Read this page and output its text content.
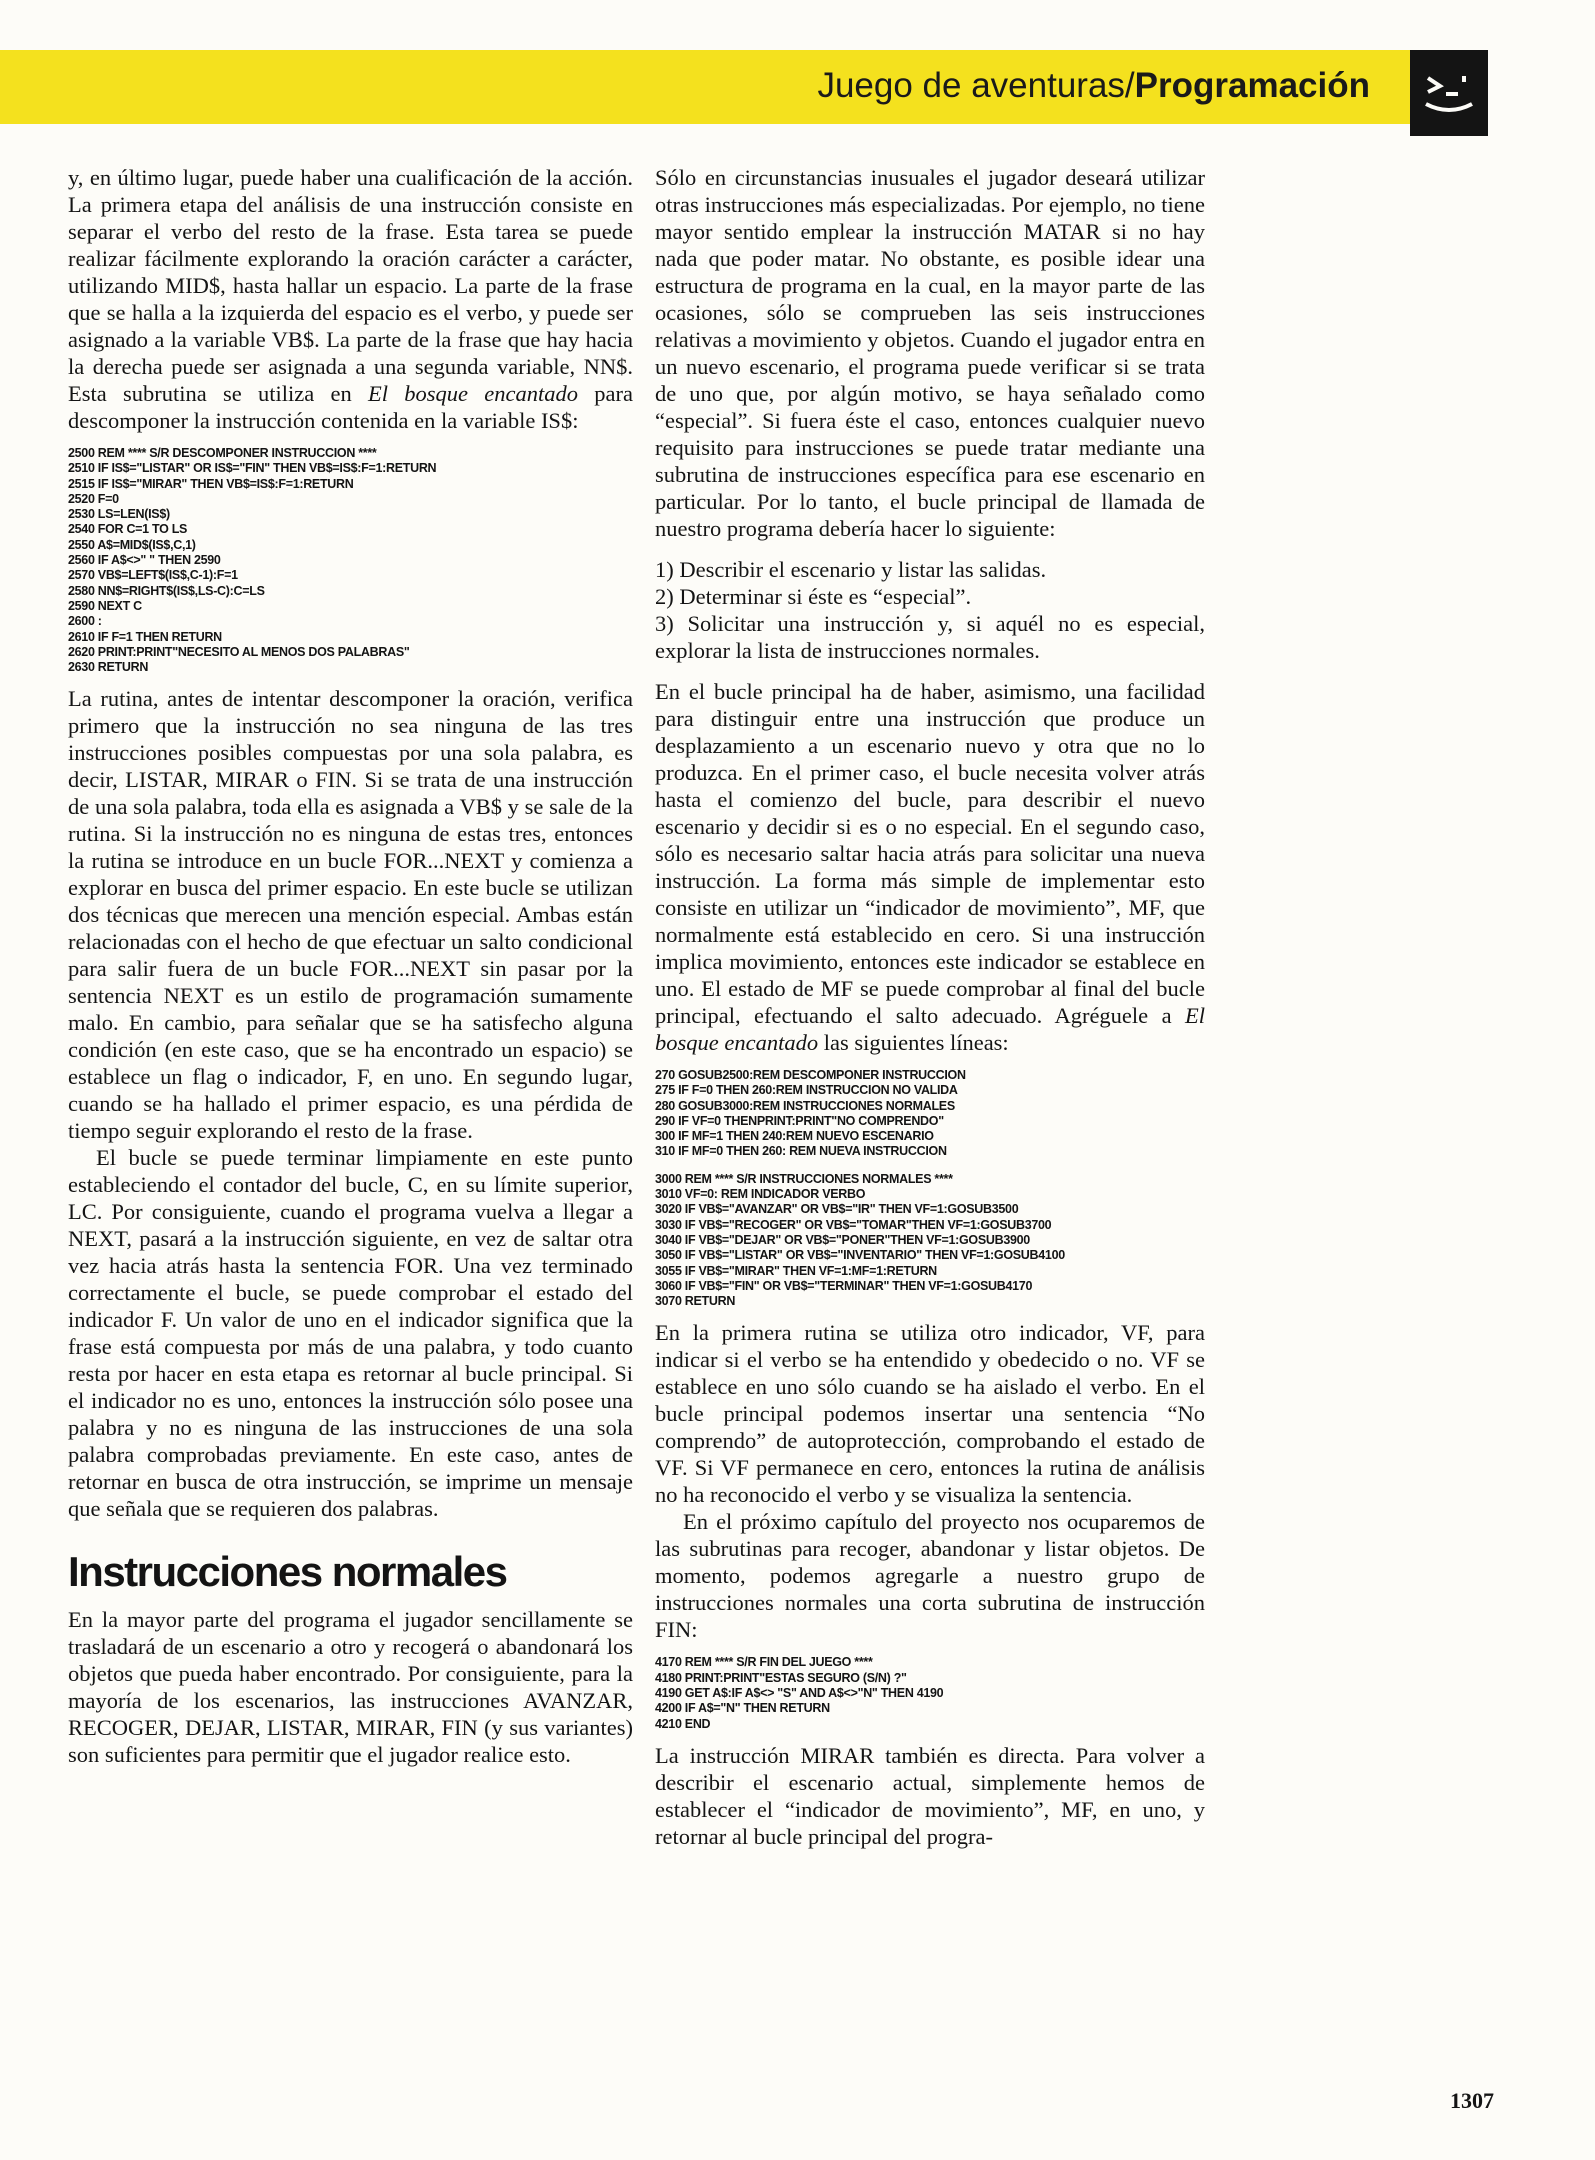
Juego de aventuras/Programación

y, en último lugar, puede haber una cualificación de la acción. La primera etapa del análisis de una instrucción consiste en separar el verbo del resto de la frase. Esta tarea se puede realizar fácilmente explorando la oración carácter a carácter, utilizando MID$, hasta hallar un espacio. La parte de la frase que se halla a la izquierda del espacio es el verbo, y puede ser asignado a la variable VB$. La parte de la frase que hay hacia la derecha puede ser asignada a una segunda variable, NN$. Esta subrutina se utiliza en El bosque encantado para descomponer la instrucción contenida en la variable IS$:

2500 REM **** S/R DESCOMPONER INSTRUCCION ****
2510 IF IS$="LISTAR" OR IS$="FIN" THEN VB$=IS$:F=1:RETURN
2515 IF IS$="MIRAR" THEN VB$=IS$:F=1:RETURN
2520 F=0
2530 LS=LEN(IS$)
2540 FOR C=1 TO LS
2550 A$=MID$(IS$,C,1)
2560 IF A$<>" " THEN 2590
2570 VB$=LEFT$(IS$,C-1):F=1
2580 NN$=RIGHT$(IS$,LS-C):C=LS
2590 NEXT C
2600 :
2610 IF F=1 THEN RETURN
2620 PRINT:PRINT"NECESITO AL MENOS DOS PALABRAS"
2630 RETURN

La rutina, antes de intentar descomponer la oración, verifica primero que la instrucción no sea ninguna de las tres instrucciones posibles compuestas por una sola palabra, es decir, LISTAR, MIRAR o FIN. Si se trata de una instrucción de una sola palabra, toda ella es asignada a VB$ y se sale de la rutina. Si la instrucción no es ninguna de estas tres, entonces la rutina se introduce en un bucle FOR...NEXT y comienza a explorar en busca del primer espacio. En este bucle se utilizan dos técnicas que merecen una mención especial. Ambas están relacionadas con el hecho de que efectuar un salto condicional para salir fuera de un bucle FOR...NEXT sin pasar por la sentencia NEXT es un estilo de programación sumamente malo. En cambio, para señalar que se ha satisfecho alguna condición (en este caso, que se ha encontrado un espacio) se establece un flag o indicador, F, en uno. En segundo lugar, cuando se ha hallado el primer espacio, es una pérdida de tiempo seguir explorando el resto de la frase.

El bucle se puede terminar limpiamente en este punto estableciendo el contador del bucle, C, en su límite superior, LC. Por consiguiente, cuando el programa vuelva a llegar a NEXT, pasará a la instrucción siguiente, en vez de saltar otra vez hacia atrás hasta la sentencia FOR. Una vez terminado correctamente el bucle, se puede comprobar el estado del indicador F. Un valor de uno en el indicador significa que la frase está compuesta por más de una palabra, y todo cuanto resta por hacer en esta etapa es retornar al bucle principal. Si el indicador no es uno, entonces la instrucción sólo posee una palabra y no es ninguna de las instrucciones de una sola palabra comprobadas previamente. En este caso, antes de retornar en busca de otra instrucción, se imprime un mensaje que señala que se requieren dos palabras.

Instrucciones normales

En la mayor parte del programa el jugador sencillamente se trasladará de un escenario a otro y recogerá o abandonará los objetos que pueda haber encontrado. Por consiguiente, para la mayoría de los escenarios, las instrucciones AVANZAR, RECOGER, DEJAR, LISTAR, MIRAR, FIN (y sus variantes) son suficientes para permitir que el jugador realice esto.

Sólo en circunstancias inusuales el jugador deseará utilizar otras instrucciones más especializadas. Por ejemplo, no tiene mayor sentido emplear la instrucción MATAR si no hay nada que poder matar. No obstante, es posible idear una estructura de programa en la cual, en la mayor parte de las ocasiones, sólo se comprueben las seis instrucciones relativas a movimiento y objetos. Cuando el jugador entra en un nuevo escenario, el programa puede verificar si se trata de uno que, por algún motivo, se haya señalado como “especial”. Si fuera éste el caso, entonces cualquier nuevo requisito para instrucciones se puede tratar mediante una subrutina de instrucciones específica para ese escenario en particular. Por lo tanto, el bucle principal de llamada de nuestro programa debería hacer lo siguiente:

1) Describir el escenario y listar las salidas.
2) Determinar si éste es “especial”.
3) Solicitar una instrucción y, si aquél no es especial, explorar la lista de instrucciones normales.

En el bucle principal ha de haber, asimismo, una facilidad para distinguir entre una instrucción que produce un desplazamiento a un escenario nuevo y otra que no lo produzca. En el primer caso, el bucle necesita volver atrás hasta el comienzo del bucle, para describir el nuevo escenario y decidir si es o no especial. En el segundo caso, sólo es necesario saltar hacia atrás para solicitar una nueva instrucción. La forma más simple de implementar esto consiste en utilizar un “indicador de movimiento”, MF, que normalmente está establecido en cero. Si una instrucción implica movimiento, entonces este indicador se establece en uno. El estado de MF se puede comprobar al final del bucle principal, efectuando el salto adecuado. Agréguele a El bosque encantado las siguientes líneas:

270 GOSUB2500:REM DESCOMPONER INSTRUCCION
275 IF F=0 THEN 260:REM INSTRUCCION NO VALIDA
280 GOSUB3000:REM INSTRUCCIONES NORMALES
290 IF VF=0 THENPRINT:PRINT"NO COMPRENDO"
300 IF MF=1 THEN 240:REM NUEVO ESCENARIO
310 IF MF=0 THEN 260: REM NUEVA INSTRUCCION
3000 REM **** S/R INSTRUCCIONES NORMALES ****
3010 VF=0: REM INDICADOR VERBO
3020 IF VB$="AVANZAR" OR VB$="IR" THEN VF=1:GOSUB3500
3030 IF VB$="RECOGER" OR VB$="TOMAR"THEN VF=1:GOSUB3700
3040 IF VB$="DEJAR" OR VB$="PONER"THEN VF=1:GOSUB3900
3050 IF VB$="LISTAR" OR VB$="INVENTARIO" THEN VF=1:GOSUB4100
3055 IF VB$="MIRAR" THEN VF=1:MF=1:RETURN
3060 IF VB$="FIN" OR VB$="TERMINAR" THEN VF=1:GOSUB4170
3070 RETURN

En la primera rutina se utiliza otro indicador, VF, para indicar si el verbo se ha entendido y obedecido o no. VF se establece en uno sólo cuando se ha aislado el verbo. En el bucle principal podemos insertar una sentencia “No comprendo” de autoprotección, comprobando el estado de VF. Si VF permanece en cero, entonces la rutina de análisis no ha reconocido el verbo y se visualiza la sentencia.

En el próximo capítulo del proyecto nos ocuparemos de las subrutinas para recoger, abandonar y listar objetos. De momento, podemos agregarle a nuestro grupo de instrucciones normales una corta subrutina de instrucción FIN:

4170 REM **** S/R FIN DEL JUEGO ****
4180 PRINT:PRINT"ESTAS SEGURO (S/N) ?"
4190 GET A$:IF A$<> "S" AND A$<>"N" THEN 4190
4200 IF A$="N" THEN RETURN
4210 END

La instrucción MIRAR también es directa. Para volver a describir el escenario actual, simplemente hemos de establecer el “indicador de movimiento”, MF, en uno, y retornar al bucle principal del progra-

1307
